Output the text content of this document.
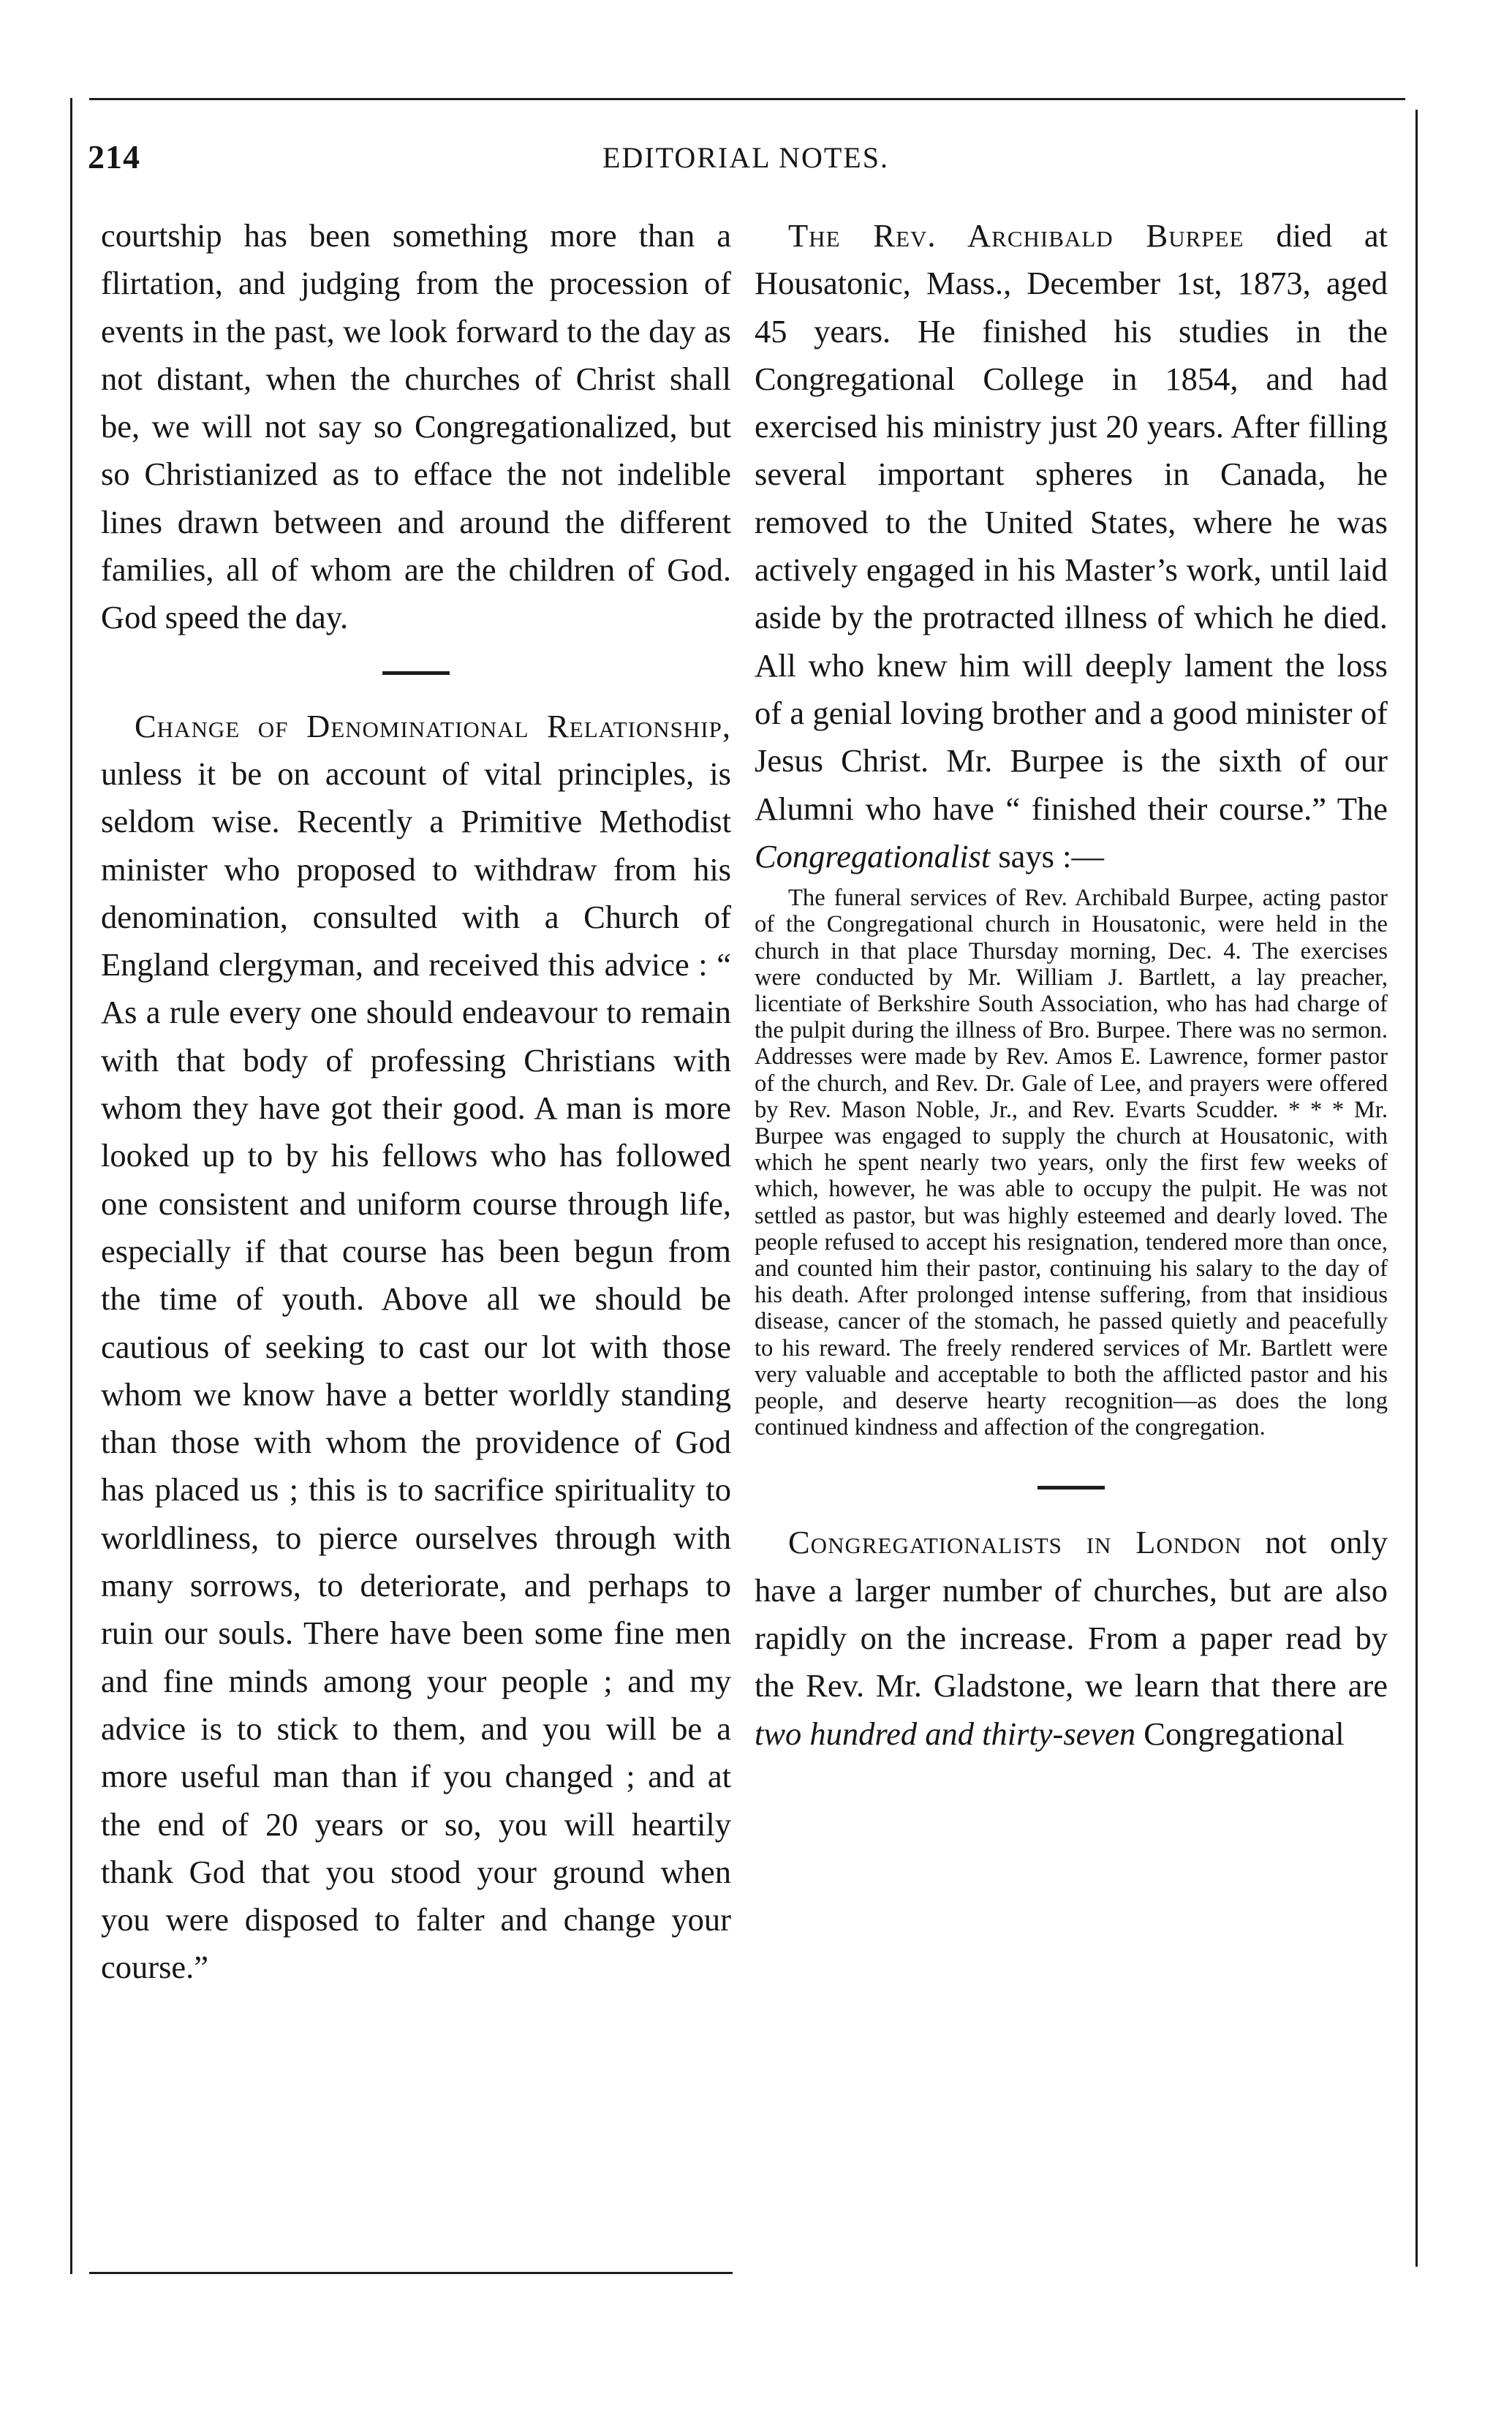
214	EDITORIAL NOTES.

courtship has been something more than a flirtation, and judging from the procession of events in the past, we look forward to the day as not distant, when the churches of Christ shall be, we will not say so Congregationalized, but so Christianized as to efface the not indelible lines drawn between and around the different families, all of whom are the children of God. God speed the day.

Change of Denominational Relationship, unless it be on account of vital principles, is seldom wise. Recently a Primitive Methodist minister who proposed to withdraw from his denomination, consulted with a Church of England clergyman, and received this advice : “ As a rule every one should endeavour to remain with that body of professing Christians with whom they have got their good. A man is more looked up to by his fellows who has followed one consistent and uniform course through life, especially if that course has been begun from the time of youth. Above all we should be cautious of seeking to cast our lot with those whom we know have a better worldly standing than those with whom the providence of God has placed us ; this is to sacrifice spirituality to worldliness, to pierce ourselves through with many sorrows, to deteriorate, and perhaps to ruin our souls. There have been some fine men and fine minds among your people ; and my advice is to stick to them, and you will be a more useful man than if you changed ; and at the end of 20 years or so, you will heartily thank God that you stood your ground when you were disposed to falter and change your course.”

The Rev. Archibald Burpee died at Housatonic, Mass., December 1st, 1873, aged 45 years. He finished his studies in the Congregational College in 1854, and had exercised his ministry just 20 years. After filling several important spheres in Canada, he removed to the United States, where he was actively engaged in his Master’s work, until laid aside by the protracted illness of which he died. All who knew him will deeply lament the loss of a genial loving brother and a good minister of Jesus Christ. Mr. Burpee is the sixth of our Alumni who have “ finished their course.” The Congregationalist says :—

The funeral services of Rev. Archibald Burpee, acting pastor of the Congregational church in Housatonic, were held in the church in that place Thursday morning, Dec. 4. The exercises were conducted by Mr. William J. Bartlett, a lay preacher, licentiate of Berkshire South Association, who has had charge of the pulpit during the illness of Bro. Burpee. There was no sermon. Addresses were made by Rev. Amos E. Lawrence, former pastor of the church, and Rev. Dr. Gale of Lee, and prayers were offered by Rev. Mason Noble, Jr., and Rev. Evarts Scudder. * * * Mr. Burpee was engaged to supply the church at Housatonic, with which he spent nearly two years, only the first few weeks of which, however, he was able to occupy the pulpit. He was not settled as pastor, but was highly esteemed and dearly loved. The people refused to accept his resignation, tendered more than once, and counted him their pastor, continuing his salary to the day of his death. After prolonged intense suffering, from that insidious disease, cancer of the stomach, he passed quietly and peacefully to his reward. The freely rendered services of Mr. Bartlett were very valuable and acceptable to both the afflicted pastor and his people, and deserve hearty recognition—as does the long continued kindness and affection of the congregation.

Congregationalists in London not only have a larger number of churches, but are also rapidly on the increase. From a paper read by the Rev. Mr. Gladstone, we learn that there are two hundred and thirty-seven Congregational
